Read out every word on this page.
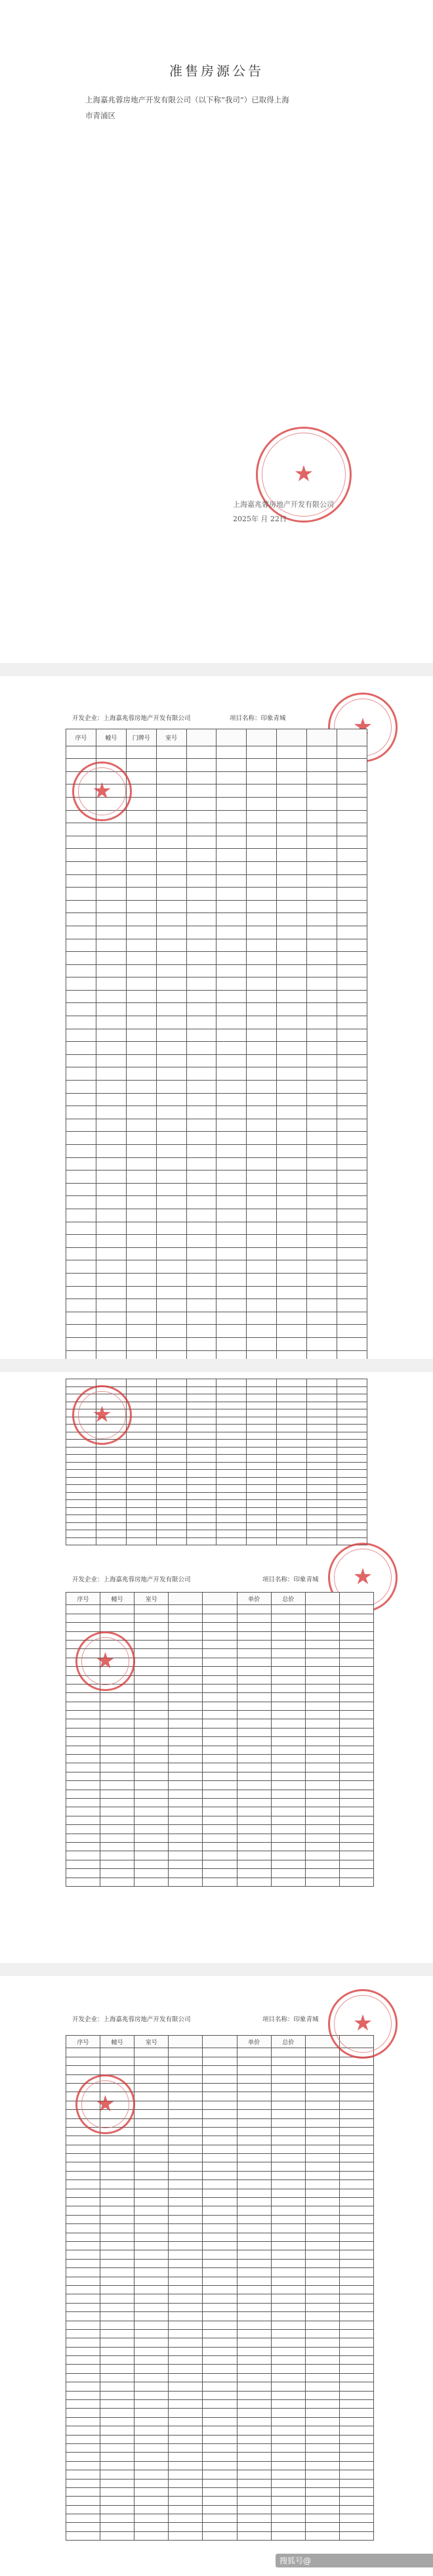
准售房源公告
上海嘉兆蓉房地产开发有限公司（以下称“我司”）已取得上海
市青浦区
★
上海嘉兆蓉房地产开发有限公司
2025年 月 22日
开发企业：上海嘉兆蓉房地产开发有限公司	项目名称：印象青城
★
序号	幢号	门牌号	室号						

★

★
开发企业：上海嘉兆蓉房地产开发有限公司	项目名称：印象青城
★
序号	幢号	室号			单价	总价		

★
开发企业：上海嘉兆蓉房地产开发有限公司	项目名称：印象青城
序号	幢号	室号			单价	总价		

★
★
搜狐号@
